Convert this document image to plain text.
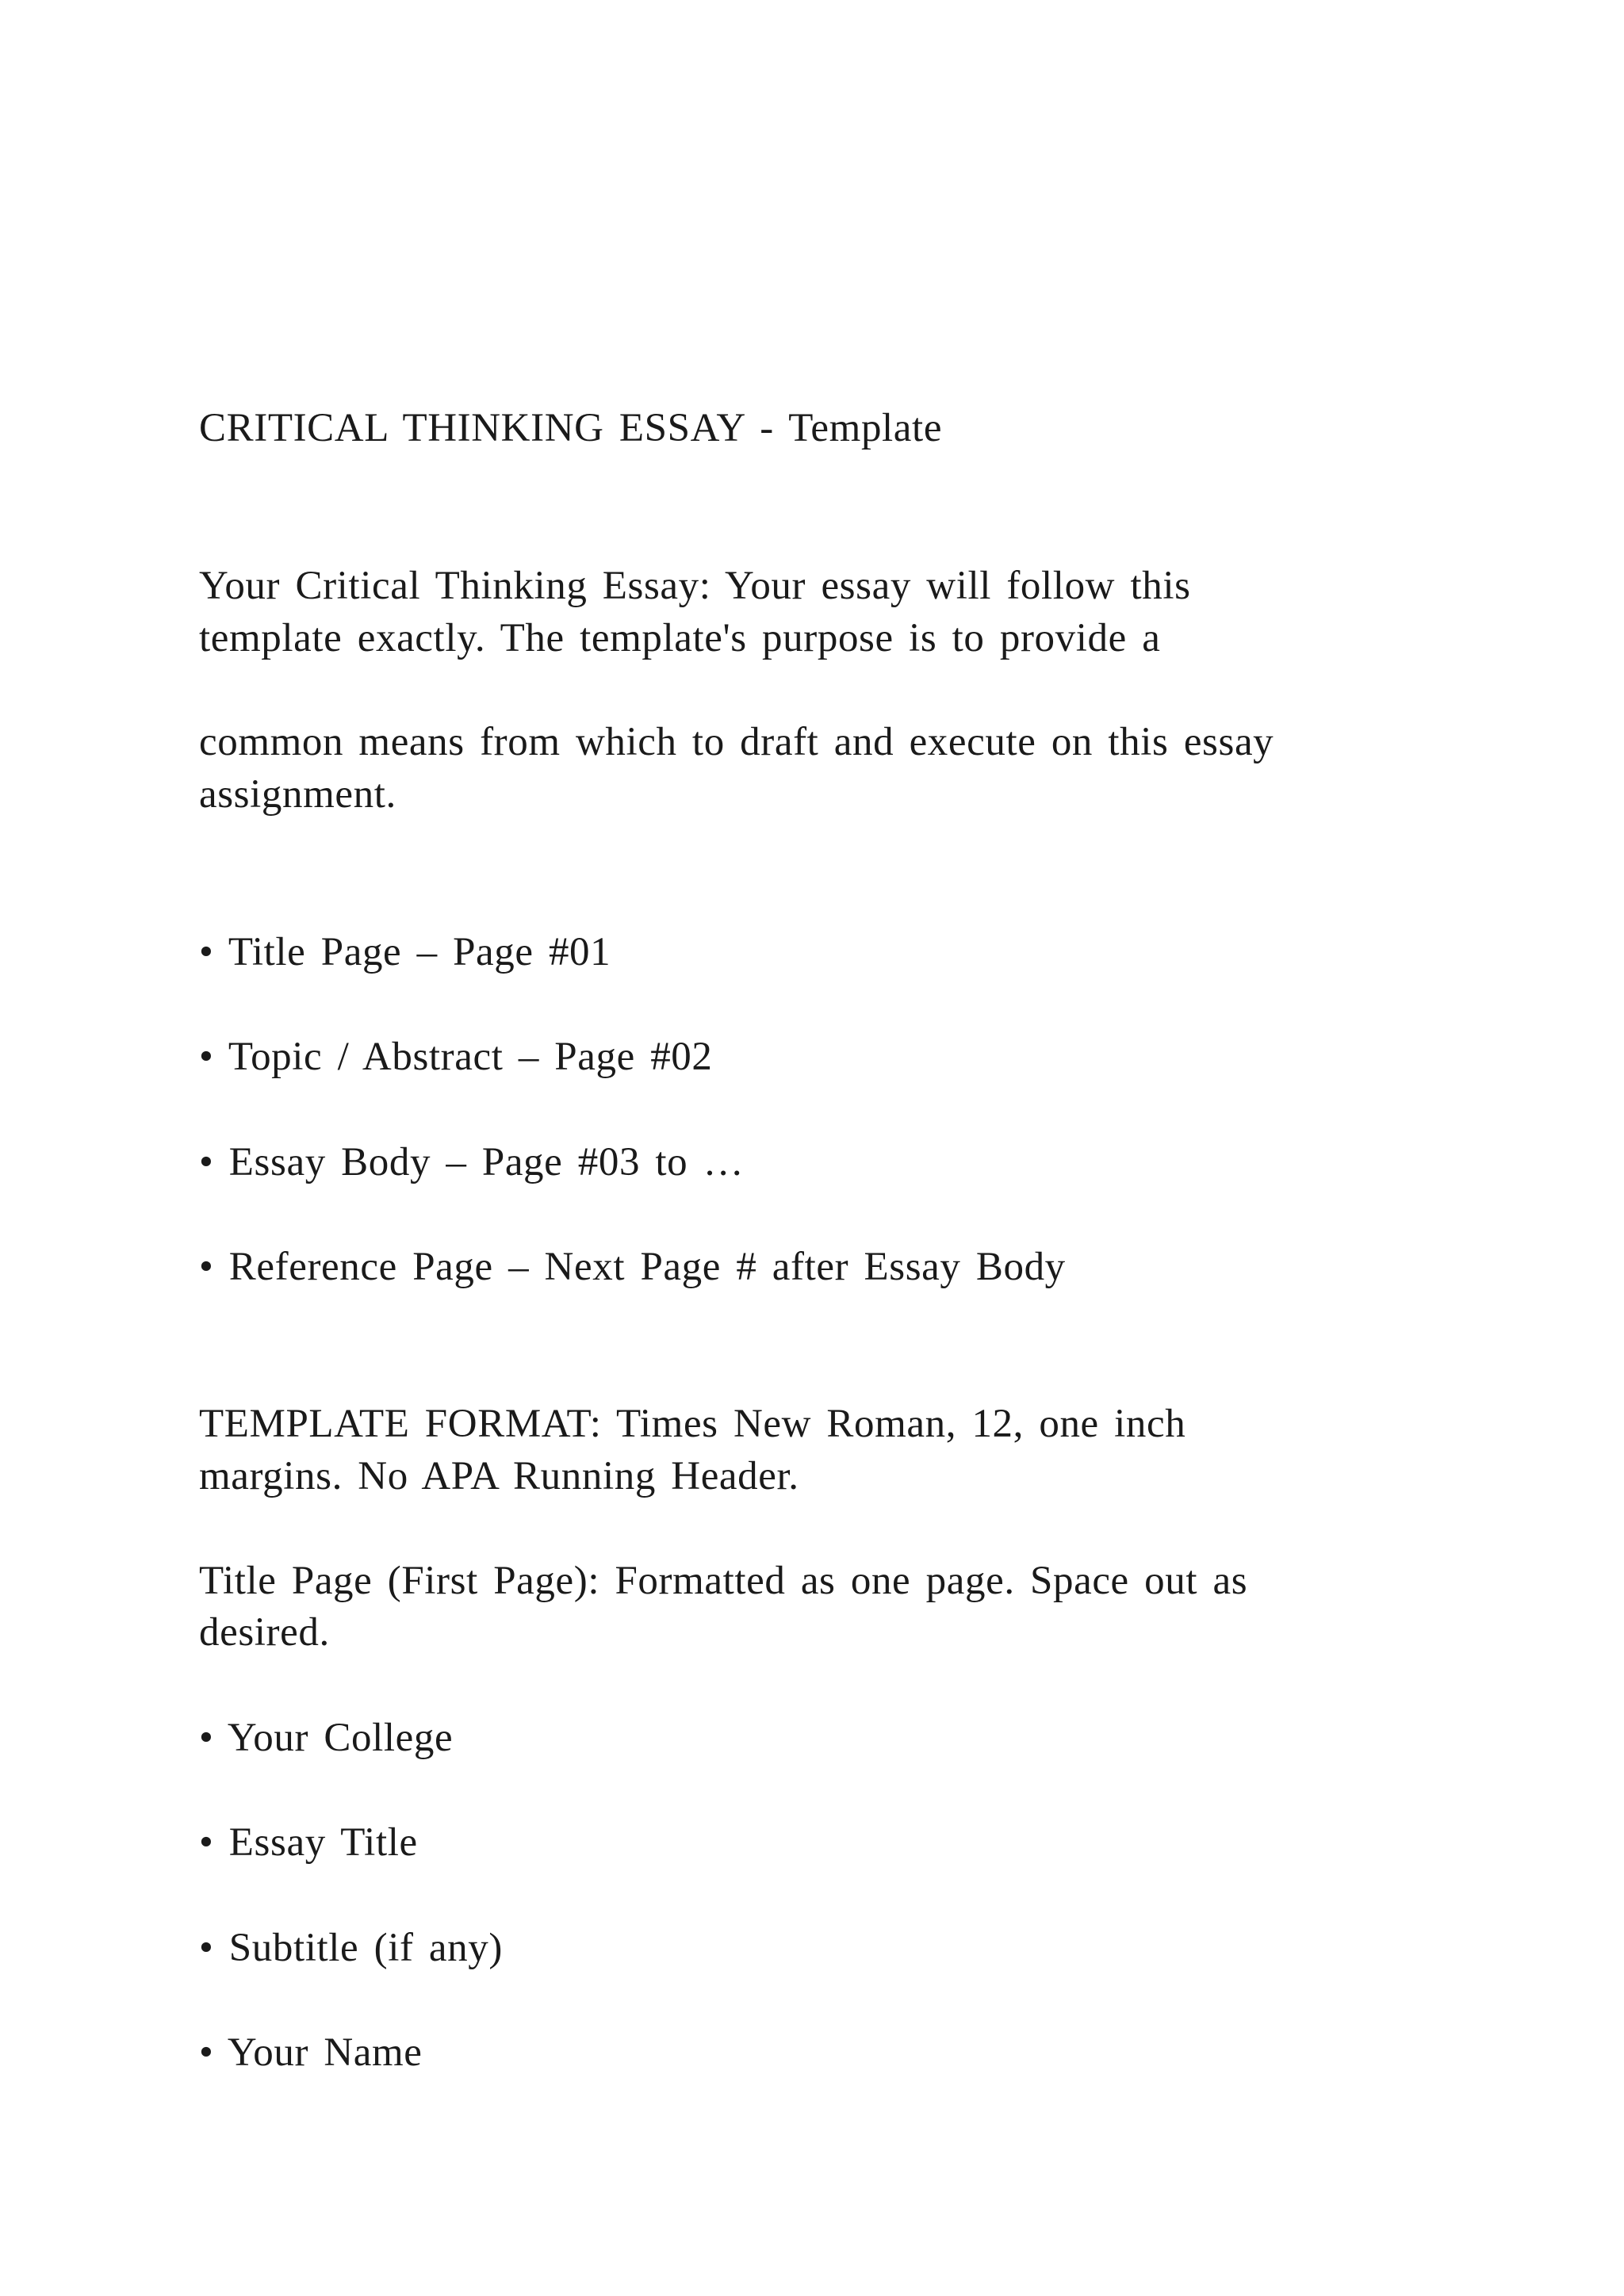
CRITICAL THINKING ESSAY - Template
Your Critical Thinking Essay: Your essay will follow this
template exactly. The template's purpose is to provide a
common means from which to draft and execute on this essay
assignment.
• Title Page – Page #01
• Topic / Abstract – Page #02
• Essay Body – Page #03 to …
• Reference Page – Next Page # after Essay Body
TEMPLATE FORMAT: Times New Roman, 12, one inch
margins. No APA Running Header.
Title Page (First Page): Formatted as one page. Space out as
desired.
• Your College
• Essay Title
• Subtitle (if any)
• Your Name
